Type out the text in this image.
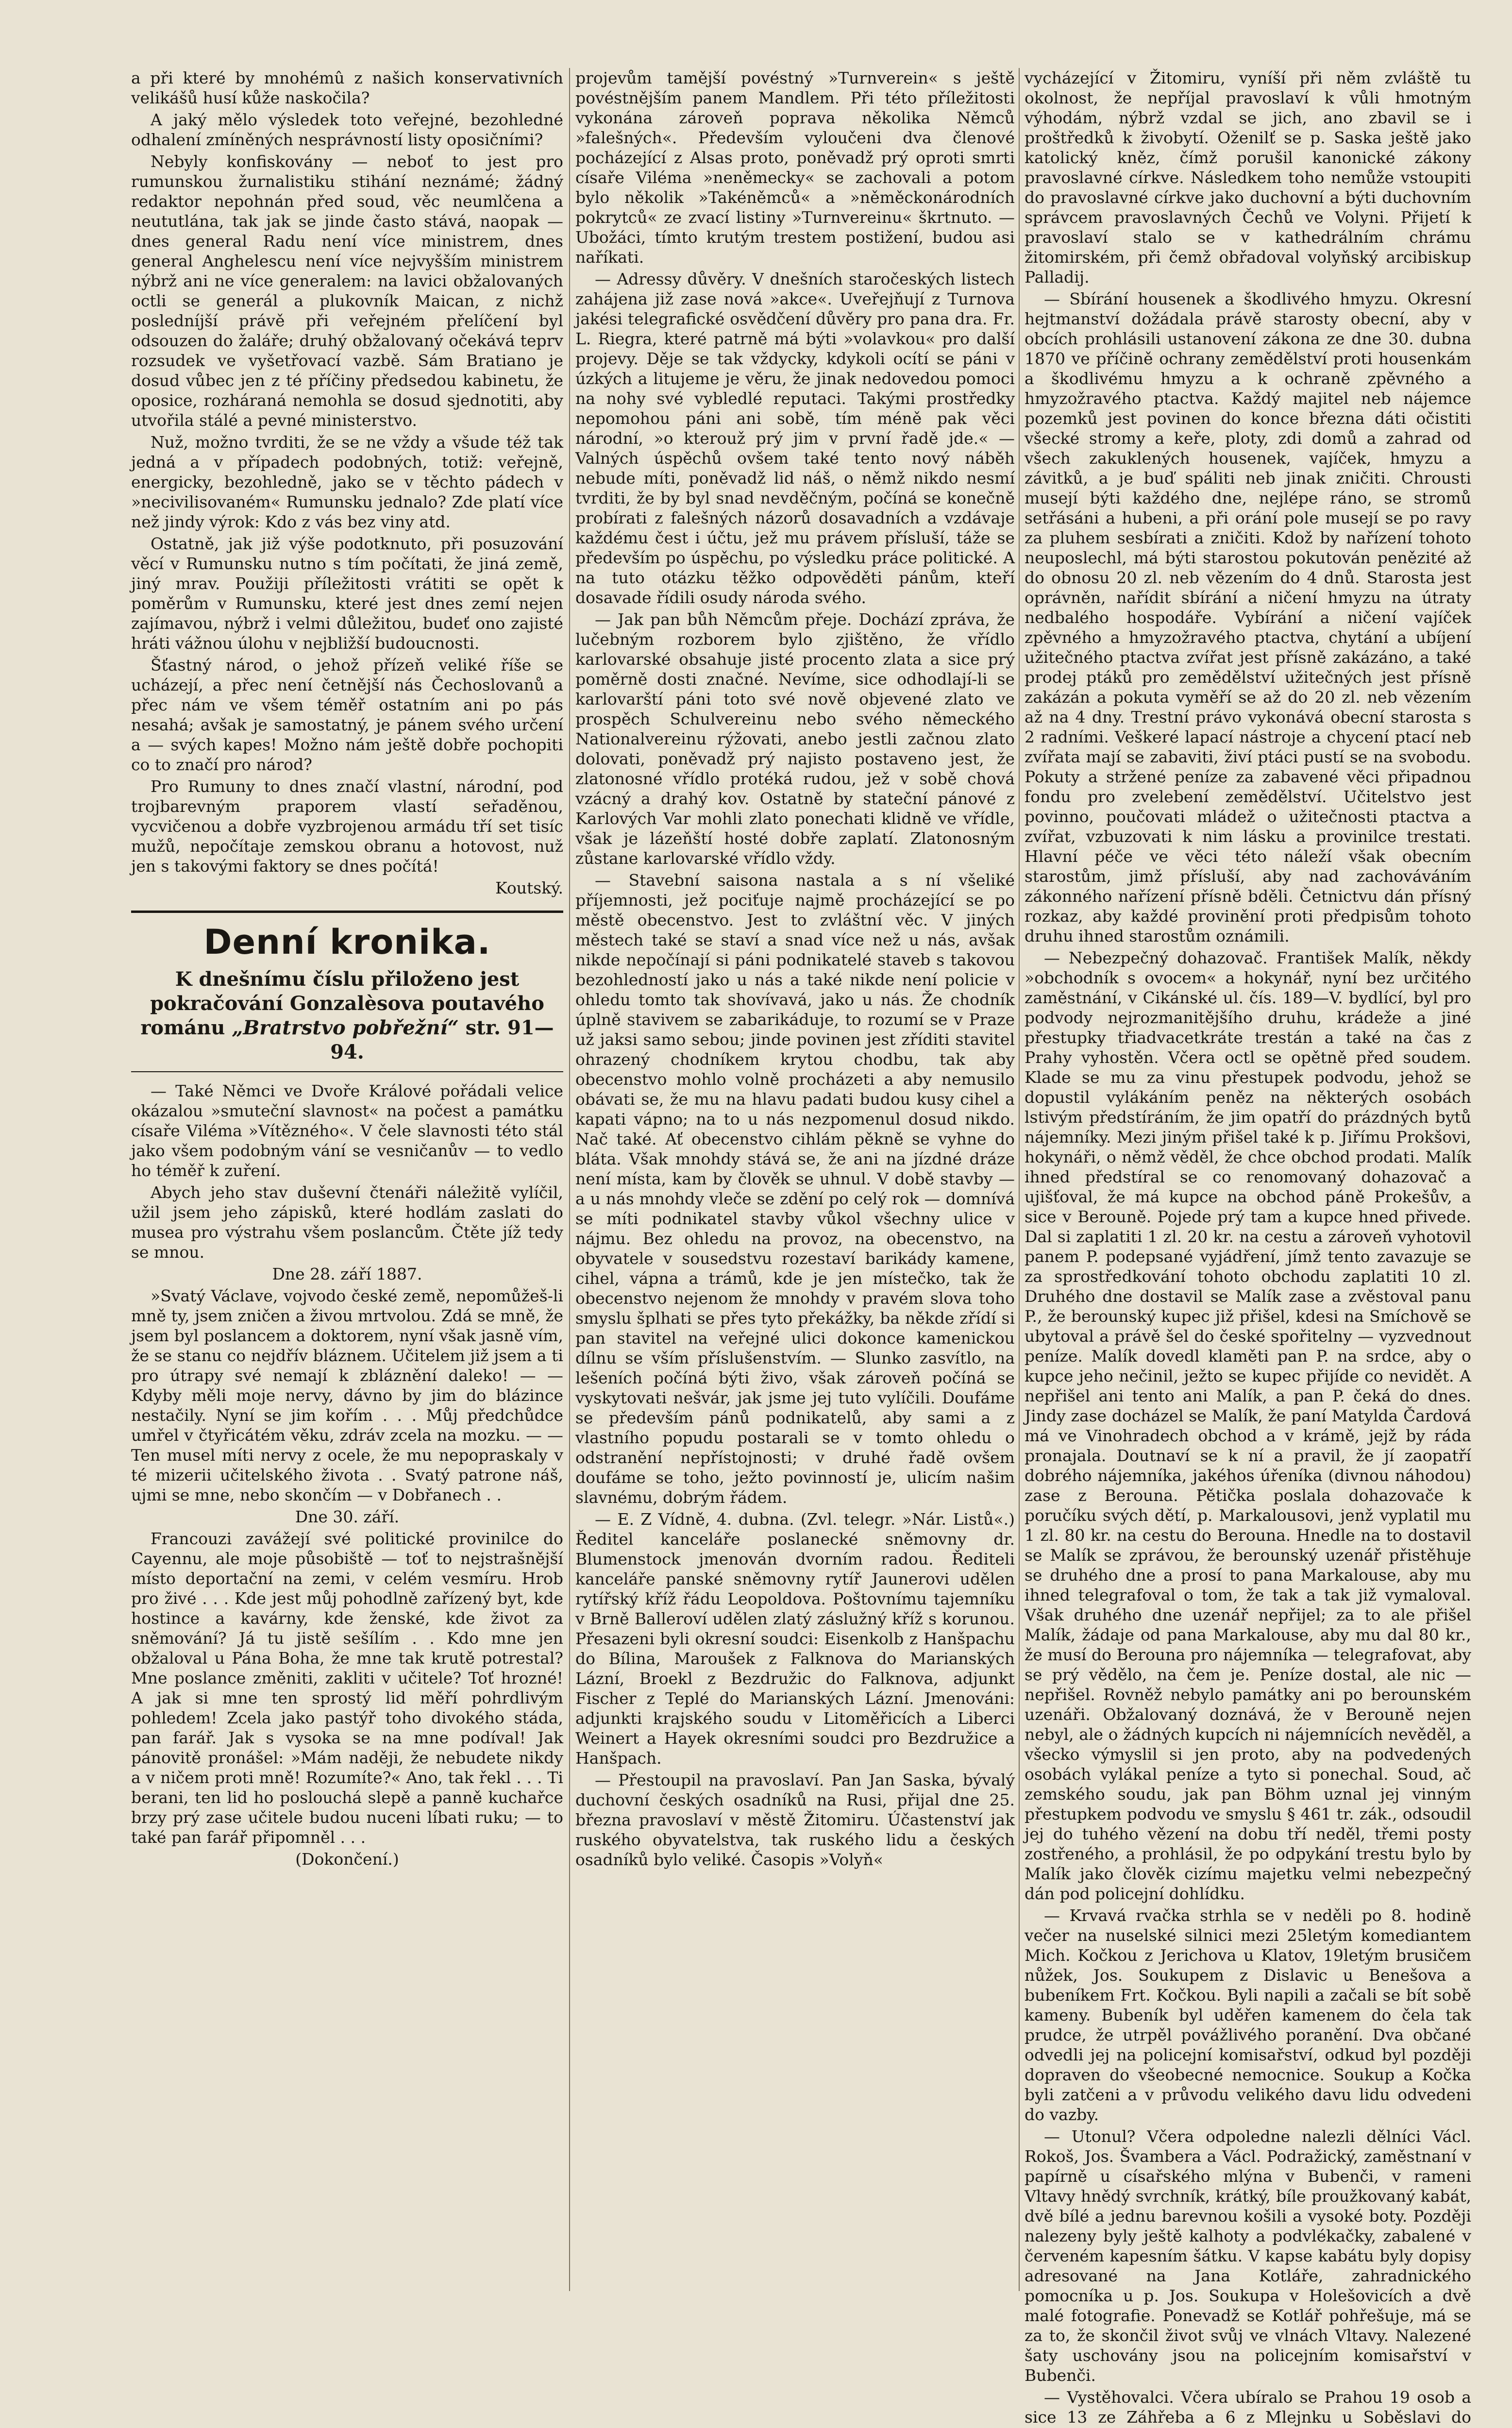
a při které by mnohémû z našich konservativních velikášů husí kůže naskočila?

A jaký mělo výsledek toto veřejné, bezohledné odhalení zmíněných nesprávností listy oposičními?

Nebyly konfiskovány — neboť to jest pro rumunskou žurnalistiku stihání neznámé; žádný redaktor nepohnán před soud, věc neumlčena a neututlána, tak jak se jinde často stává, naopak — dnes general Radu není více ministrem, dnes general Anghelescu není více nejvyšším ministrem nýbrž ani ne více generalem: na lavici obžalovaných octli se generál a plukovník Maican, z nichž posledníjší právě při veřejném přelíčení byl odsouzen do žaláře; druhý obžalovaný očekává teprv rozsudek ve vyšetřovací vazbě. Sám Bratiano je dosud vůbec jen z té příčiny předsedou kabinetu, že oposice, rozháraná nemohla se dosud sjednotiti, aby utvořila stálé a pevné ministerstvo.

Nuž, možno tvrditi, že se ne vždy a všude též tak jedná a v případech podobných, totiž: veřejně, energicky, bezohledně, jako se v těchto pádech v »necivilisovaném« Rumunsku jednalo? Zde platí více než jindy výrok: Kdo z vás bez viny atd.

Ostatně, jak již výše podotknuto, při posuzování věcí v Rumunsku nutno s tím počítati, že jiná země, jiný mrav. Použiji příležitosti vrátiti se opět k poměrům v Rumunsku, které jest dnes zemí nejen zajímavou, nýbrž i velmi důležitou, budeť ono zajisté hráti vážnou úlohu v nejbližší budoucnosti.

Šťastný národ, o jehož přízeň veliké říše se ucházejí, a přec není četnější nás Čechoslovanů a přec nám ve všem téměř ostatním ani po pás nesahá; avšak je samostatný, je pánem svého určení a — svých kapes! Možno nám ještě dobře pochopiti co to značí pro národ?

Pro Rumuny to dnes značí vlastní, národní, pod trojbarevným praporem vlastí seřaděnou, vycvičenou a dobře vyzbrojenou armádu tří set tisíc mužů, nepočítaje zemskou obranu a hotovost, nuž jen s takovými faktory se dnes počítá!

Koutský.

Denní kronika.
K dnešnímu číslu přiloženo jest pokračování Gonzalèsova poutavého románu „Bratrstvo pobřežní“ str. 91—94.

— Také Němci ve Dvoře Králové pořádali velice okázalou »smuteční slavnost« na počest a památku císaře Viléma »Vítězného«. V čele slavnosti této stál jako všem podobným vání se vesničanův — to vedlo ho téměř k zuření.

Abych jeho stav duševní čtenáři náležitě vylíčil, užil jsem jeho zápisků, které hodlám zaslati do musea pro výstrahu všem poslancům. Čtěte jíž tedy se mnou.

Dne 28. září 1887.

»Svatý Václave, vojvodo české země, nepomůžeš-li mně ty, jsem zničen a živou mrtvolou. Zdá se mně, že jsem byl poslancem a doktorem, nyní však jasně vím, že se stanu co nejdřív bláznem. Učitelem již jsem a ti pro útrapy své nemají k zbláznění daleko! — — Kdyby měli moje nervy, dávno by jim do blázince nestačily. Nyní se jim kořím . . . Můj předchůdce umřel v čtyřicátém věku, zdráv zcela na mozku. — — Ten musel míti nervy z ocele, že mu nepopraskaly v té mizerii učitelského života . . Svatý patrone náš, ujmi se mne, nebo skončím — v Dobřanech . .

Dne 30. září.

Francouzi zavážejí své politické provinilce do Cayennu, ale moje působiště — toť to nejstrašnější místo deportační na zemi, v celém vesmíru. Hrob pro živé . . . Kde jest můj pohodlně zařízený byt, kde hostince a kavárny, kde ženské, kde život za sněmování? Já tu jistě sešílím . . Kdo mne jen obžaloval u Pána Boha, že mne tak krutě potrestal? Mne poslance změniti, zakliti v učitele? Toť hrozné! A jak si mne ten sprostý lid měří pohrdlivým pohledem! Zcela jako pastýř toho divokého stáda, pan farář. Jak s vysoka se na mne podíval! Jak pánovitě pronášel: »Mám naději, že nebudete nikdy a v ničem proti mně! Rozumíte?« Ano, tak řekl . . . Ti berani, ten lid ho poslouchá slepě a panně kuchařce brzy prý zase učitele budou nuceni líbati ruku; — to také pan farář připomněl . . .

(Dokončení.)

projevům tamější povéstný »Turnverein« s ještě povéstnějším panem Mandlem. Při této příležitosti vykonána zároveň poprava několika Němců »falešných«. Především vyloučeni dva členové pocházející z Alsas proto, poněvadž prý oproti smrti císaře Viléma »neněmecky« se zachovali a potom bylo několik »Takéněmců« a »něměckonárodních pokrytců« ze zvací listiny »Turnvereinu« škrtnuto. — Ubožáci, tímto krutým trestem postižení, budou asi naříkati.

— Adressy důvěry. V dnešních staročeských listech zahájena již zase nová »akce«. Uveřejňují z Turnova jakési telegrafické osvědčení důvěry pro pana dra. Fr. L. Riegra, které patrně má býti »volavkou« pro další projevy. Děje se tak vždycky, kdykoli ocítí se páni v úzkých a litujeme je věru, že jinak nedovedou pomoci na nohy své vybledlé reputaci. Takými prostředky nepomohou páni ani sobě, tím méně pak věci národní, »o kterouž prý jim v první řadě jde.« — Valných úspěchů ovšem také tento nový náběh nebude míti, poněvadž lid náš, o němž nikdo nesmí tvrditi, že by byl snad nevděčným, počíná se konečně probírati z falešných názorů dosavadních a vzdávaje každému čest i účtu, jež mu právem přísluší, táže se především po úspěchu, po výsledku práce politické. A na tuto otázku těžko odpověděti pánům, kteří dosavade řídili osudy národa svého.

— Jak pan bůh Němcům přeje. Dochází zpráva, že lučebným rozborem bylo zjištěno, že vřídlo karlovarské obsahuje jisté procento zlata a sice prý poměrně dosti značné. Nevíme, sice odhodlají-li se karlovarští páni toto své nově objevené zlato ve prospěch Schulvereinu nebo svého německého Nationalvereinu rýžovati, anebo jestli začnou zlato dolovati, poněvadž prý najisto postaveno jest, že zlatonosné vřídlo protéká rudou, jež v sobě chová vzácný a drahý kov. Ostatně by stateční pánové z Karlových Var mohli zlato ponechati klidně ve vřídle, však je lázeňští hosté dobře zaplatí. Zlatonosným zůstane karlovarské vřídlo vždy.

— Stavební saisona nastala a s ní všeliké příjemnosti, jež pociťuje najmě procházející se po městě obecenstvo. Jest to zvláštní věc. V jiných městech také se staví a snad více než u nás, avšak nikde nepočínají si páni podnikatelé staveb s takovou bezohledností jako u nás a také nikde není policie v ohledu tomto tak shovívavá, jako u nás. Že chodník úplně stavivem se zabarikáduje, to rozumí se v Praze už jaksi samo sebou; jinde povinen jest zříditi stavitel ohrazený chodníkem krytou chodbu, tak aby obecenstvo mohlo volně procházeti a aby nemusilo obávati se, že mu na hlavu padati budou kusy cihel a kapati vápno; na to u nás nezpomenul dosud nikdo. Nač také. Ať obecenstvo cihlám pěkně se vyhne do bláta. Však mnohdy stává se, že ani na jízdné dráze není místa, kam by člověk se uhnul. V době stavby — a u nás mnohdy vleče se zdění po celý rok — domnívá se míti podnikatel stavby vůkol všechny ulice v nájmu. Bez ohledu na provoz, na obecenstvo, na obyvatele v sousedstvu rozestaví barikády kamene, cihel, vápna a trámů, kde je jen místečko, tak že obecenstvo nejenom že mnohdy v pravém slova toho smyslu šplhati se přes tyto překážky, ba někde zřídí si pan stavitel na veřejné ulici dokonce kamenickou dílnu se vším příslušenstvím. — Slunko zasvítlo, na lešeních počíná býti živo, však zároveň počíná se vyskytovati nešvár, jak jsme jej tuto vylíčili. Doufáme se především pánů podnikatelů, aby sami a z vlastního popudu postarali se v tomto ohledu o odstranění nepřístojnosti; v druhé řadě ovšem doufáme se toho, ježto povinností je, ulicím našim slavnému, dobrým řádem.

— E. Z Vídně, 4. dubna. (Zvl. telegr. »Nár. Listů«.) Ředitel kanceláře poslanecké sněmovny dr. Blumenstock jmenován dvorním radou. Řediteli kanceláře panské sněmovny rytíř Jaunerovi udělen rytířský kříž řádu Leopoldova. Poštovnímu tajemníku v Brně Balleroví udělen zlatý záslužný kříž s korunou. Přesazeni byli okresní soudci: Eisenkolb z Hanšpachu do Bílina, Maroušek z Falknova do Marianských Lázní, Broekl z Bezdružic do Falknova, adjunkt Fischer z Teplé do Marianských Lázní. Jmenováni: adjunkti krajského soudu v Litoměřicích a Liberci Weinert a Hayek okresními soudci pro Bezdružice a Hanšpach.

— Přestoupil na pravoslaví. Pan Jan Saska, bývalý duchovní českých osadníků na Rusi, přijal dne 25. března pravoslaví v městě Žitomiru. Účastenství jak ruského obyvatelstva, tak ruského lidu a českých osadníků bylo veliké. Časopis »Volyň«

vycházející v Žitomiru, vyníší při něm zvláště tu okolnost, že nepříjal pravoslaví k vůli hmotným výhodám, nýbrž vzdal se jich, ano zbavil se i proštředků k živobytí. Oženilť se p. Saska ještě jako katolický kněz, čímž porušil kanonické zákony pravoslavné církve. Následkem toho nemůže vstoupiti do pravoslavné církve jako duchovní a býti duchovním správcem pravoslavných Čechů ve Volyni. Přijetí k pravoslaví stalo se v kathedrálním chrámu žitomirském, při čemž obřadoval volyňský arcibiskup Palladij.

— Sbírání housenek a škodlivého hmyzu. Okresní hejtmanství dožádala právě starosty obecní, aby v obcích prohlásili ustanovení zákona ze dne 30. dubna 1870 ve příčině ochrany zemědělství proti housenkám a škodlivému hmyzu a k ochraně zpěvného a hmyzožravého ptactva. Každý majitel neb nájemce pozemků jest povinen do konce března dáti očistiti všecké stromy a keře, ploty, zdi domů a zahrad od všech zakuklených housenek, vajíček, hmyzu a závitků, a je buď spáliti neb jinak zničiti. Chrousti musejí býti každého dne, nejlépe ráno, se stromů setřásáni a hubeni, a při orání pole musejí se po ravy za pluhem sesbírati a zničiti. Kdož by nařízení tohoto neuposlechl, má býti starostou pokutován penězité až do obnosu 20 zl. neb vězením do 4 dnů. Starosta jest oprávněn, nařídit sbírání a ničení hmyzu na útraty nedbalého hospodáře. Vybírání a ničení vajíček zpěvného a hmyzožravého ptactva, chytání a ubíjení užitečného ptactva zvířat jest přísně zakázáno, a také prodej ptáků pro zemědělství užitečných jest přísně zakázán a pokuta vyměří se až do 20 zl. neb vězením až na 4 dny. Trestní právo vykonává obecní starosta s 2 radními. Veškeré lapací nástroje a chycení ptací neb zvířata mají se zabaviti, živí ptáci pustí se na svobodu. Pokuty a stržené peníze za zabavené věci připadnou fondu pro zvelebení zemědělství. Učitelstvo jest povinno, poučovati mládež o užitečnosti ptactva a zvířat, vzbuzovati k nim lásku a provinilce trestati. Hlavní péče ve věci této náleží však obecním starostům, jimž přísluší, aby nad zachováváním zákonného nařízení přísně bděli. Četnictvu dán přísný rozkaz, aby každé provinění proti předpisům tohoto druhu ihned starostům oznámili.

— Nebezpečný dohazovač. František Malík, někdy »obchodník s ovocem« a hokynář, nyní bez určitého zaměstnání, v Cikánské ul. čís. 189—V. bydlící, byl pro podvody nejrozmanitějšího druhu, krádeže a jiné přestupky třiadvacetkráte trestán a také na čas z Prahy vyhostěn. Včera octl se opětně před soudem. Klade se mu za vinu přestupek podvodu, jehož se dopustil vylákáním peněz na některých osobách lstivým předstíráním, že jim opatří do prázdných bytů nájemníky. Mezi jiným přišel také k p. Jiřímu Prokšovi, hokynáři, o němž věděl, že chce obchod prodati. Malík ihned předstíral se co renomovaný dohazovač a ujišťoval, že má kupce na obchod páně Prokešův, a sice v Berouně. Pojede prý tam a kupce hned přivede. Dal si zaplatiti 1 zl. 20 kr. na cestu a zároveň vyhotovil panem P. podepsané vyjádření, jímž tento zavazuje se za sprostředkování tohoto obchodu zaplatiti 10 zl. Druhého dne dostavil se Malík zase a zvěstoval panu P., že berounský kupec již přišel, kdesi na Smíchově se ubytoval a právě šel do české spořitelny — vyzvednout peníze. Malík dovedl klaměti pan P. na srdce, aby o kupce jeho nečinil, ježto se kupec přijíde co nevidět. A nepřišel ani tento ani Malík, a pan P. čeká do dnes. Jindy zase docházel se Malík, že paní Matylda Čardová má ve Vinohradech obchod a v krámě, jejž by ráda pronajala. Doutnaví se k ní a pravil, že jí zaopatří dobrého nájemníka, jakéhos úřeníka (divnou náhodou) zase z Berouna. Pětička poslala dohazovače k poručíku svých dětí, p. Markalousovi, jenž vyplatil mu 1 zl. 80 kr. na cestu do Berouna. Hnedle na to dostavil se Malík se zprávou, že berounský uzenář přistěhuje se druhého dne a prosí to pana Markalouse, aby mu ihned telegrafoval o tom, že tak a tak již vymaloval. Však druhého dne uzenář nepřijel; za to ale přišel Malík, žádaje od pana Markalouse, aby mu dal 80 kr., že musí do Berouna pro nájemníka — telegrafovat, aby se prý vědělo, na čem je. Peníze dostal, ale nic — nepřišel. Rovněž nebylo památky ani po berounském uzenáři. Obžalovaný doznává, že v Berouně nejen nebyl, ale o žádných kupcích ni nájemnících nevěděl, a všecko výmyslil si jen proto, aby na podvedených osobách vylákal peníze a tyto si ponechal. Soud, ač zemského soudu, jak pan Böhm uznal jej vinným přestupkem podvodu ve smyslu § 461 tr. zák., odsoudil jej do tuhého vězení na dobu tří neděl, třemi posty zostřeného, a prohlásil, že po odpykání trestu bylo by Malík jako člověk cizímu majetku velmi nebezpečný dán pod policejní dohlídku.

— Krvavá rvačka strhla se v neděli po 8. hodině večer na nuselské silnici mezi 25letým komediantem Mich. Kočkou z Jerichova u Klatov, 19letým brusičem nůžek, Jos. Soukupem z Dislavic u Benešova a bubeníkem Frt. Kočkou. Byli napili a začali se bít sobě kameny. Bubeník byl uděřen kamenem do čela tak prudce, že utrpěl povážlivého poranění. Dva občané odvedli jej na policejní komisařství, odkud byl později dopraven do všeobecné nemocnice. Soukup a Kočka byli zatčeni a v průvodu velikého davu lidu odvedeni do vazby.

— Utonul? Včera odpoledne nalezli dělníci Václ. Rokoš, Jos. Švambera a Václ. Podražický, zaměstnaní v papírně u císařského mlýna v Bubenči, v rameni Vltavy hnědý svrchník, krátký, bíle proužkovaný kabát, dvě bílé a jednu barevnou košili a vysoké boty. Později nalezeny byly ještě kalhoty a podvlékačky, zabalené v červeném kapesním šátku. V kapse kabátu byly dopisy adresované na Jana Kotláře, zahradnického pomocníka u p. Jos. Soukupa v Holešovicích a dvě malé fotografie. Ponevadž se Kotlář pohřešuje, má se za to, že skončil život svůj ve vlnách Vltavy. Nalezené šaty uschovány jsou na policejním komisařství v Bubenči.

— Vystěhovalci. Včera ubíralo se Prahou 19 osob a sice 13 ze Záhřeba a 6 z Mlejnku u Soběslavi do
